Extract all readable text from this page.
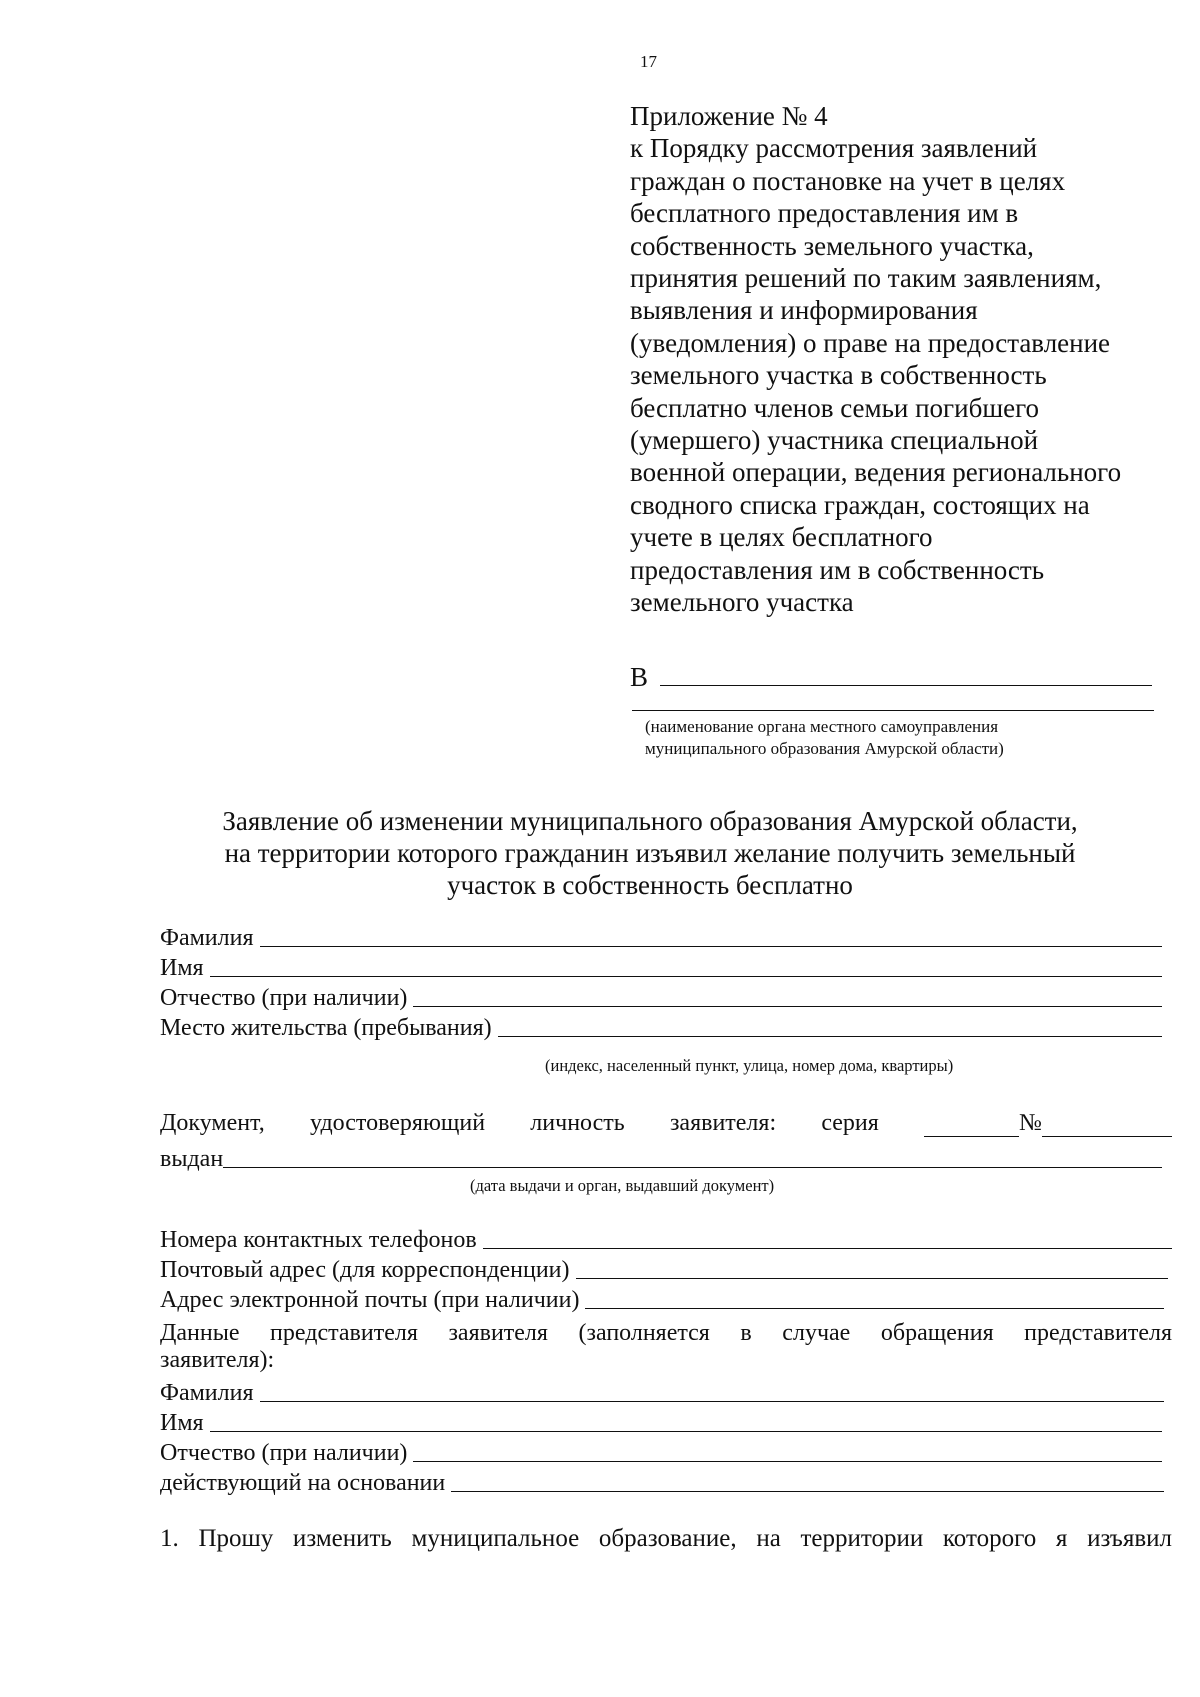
17
Приложение № 4
к Порядку рассмотрения заявлений
граждан о постановке на учет в целях
бесплатного предоставления им в
собственность земельного участка,
принятия решений по таким заявлениям,
выявления и информирования
(уведомления) о праве на предоставление
земельного участка в собственность
бесплатно членов семьи погибшего
(умершего) участника специальной
военной операции, ведения регионального
сводного списка граждан, состоящих на
учете в целях бесплатного
предоставления им в собственность
земельного участка
В
(наименование органа местного самоуправления
муниципального образования Амурской области)
Заявление об изменении муниципального образования Амурской области,
на территории которого гражданин изъявил желание получить земельный
участок в собственность бесплатно
Фамилия
Имя
Отчество (при наличии)
Место жительства (пребывания)
(индекс, населенный пункт, улица, номер дома, квартиры)
Документ, удостоверяющий личность заявителя: серия	№
выдан
(дата выдачи и орган, выдавший документ)
Номера контактных телефонов
Почтовый адрес (для корреспонденции)
Адрес электронной почты (при наличии)
Данные представителя заявителя (заполняется в случае обращения представителя
заявителя):
Фамилия
Имя
Отчество (при наличии)
действующий на основании
1. Прошу изменить муниципальное образование, на территории которого я изъявил
